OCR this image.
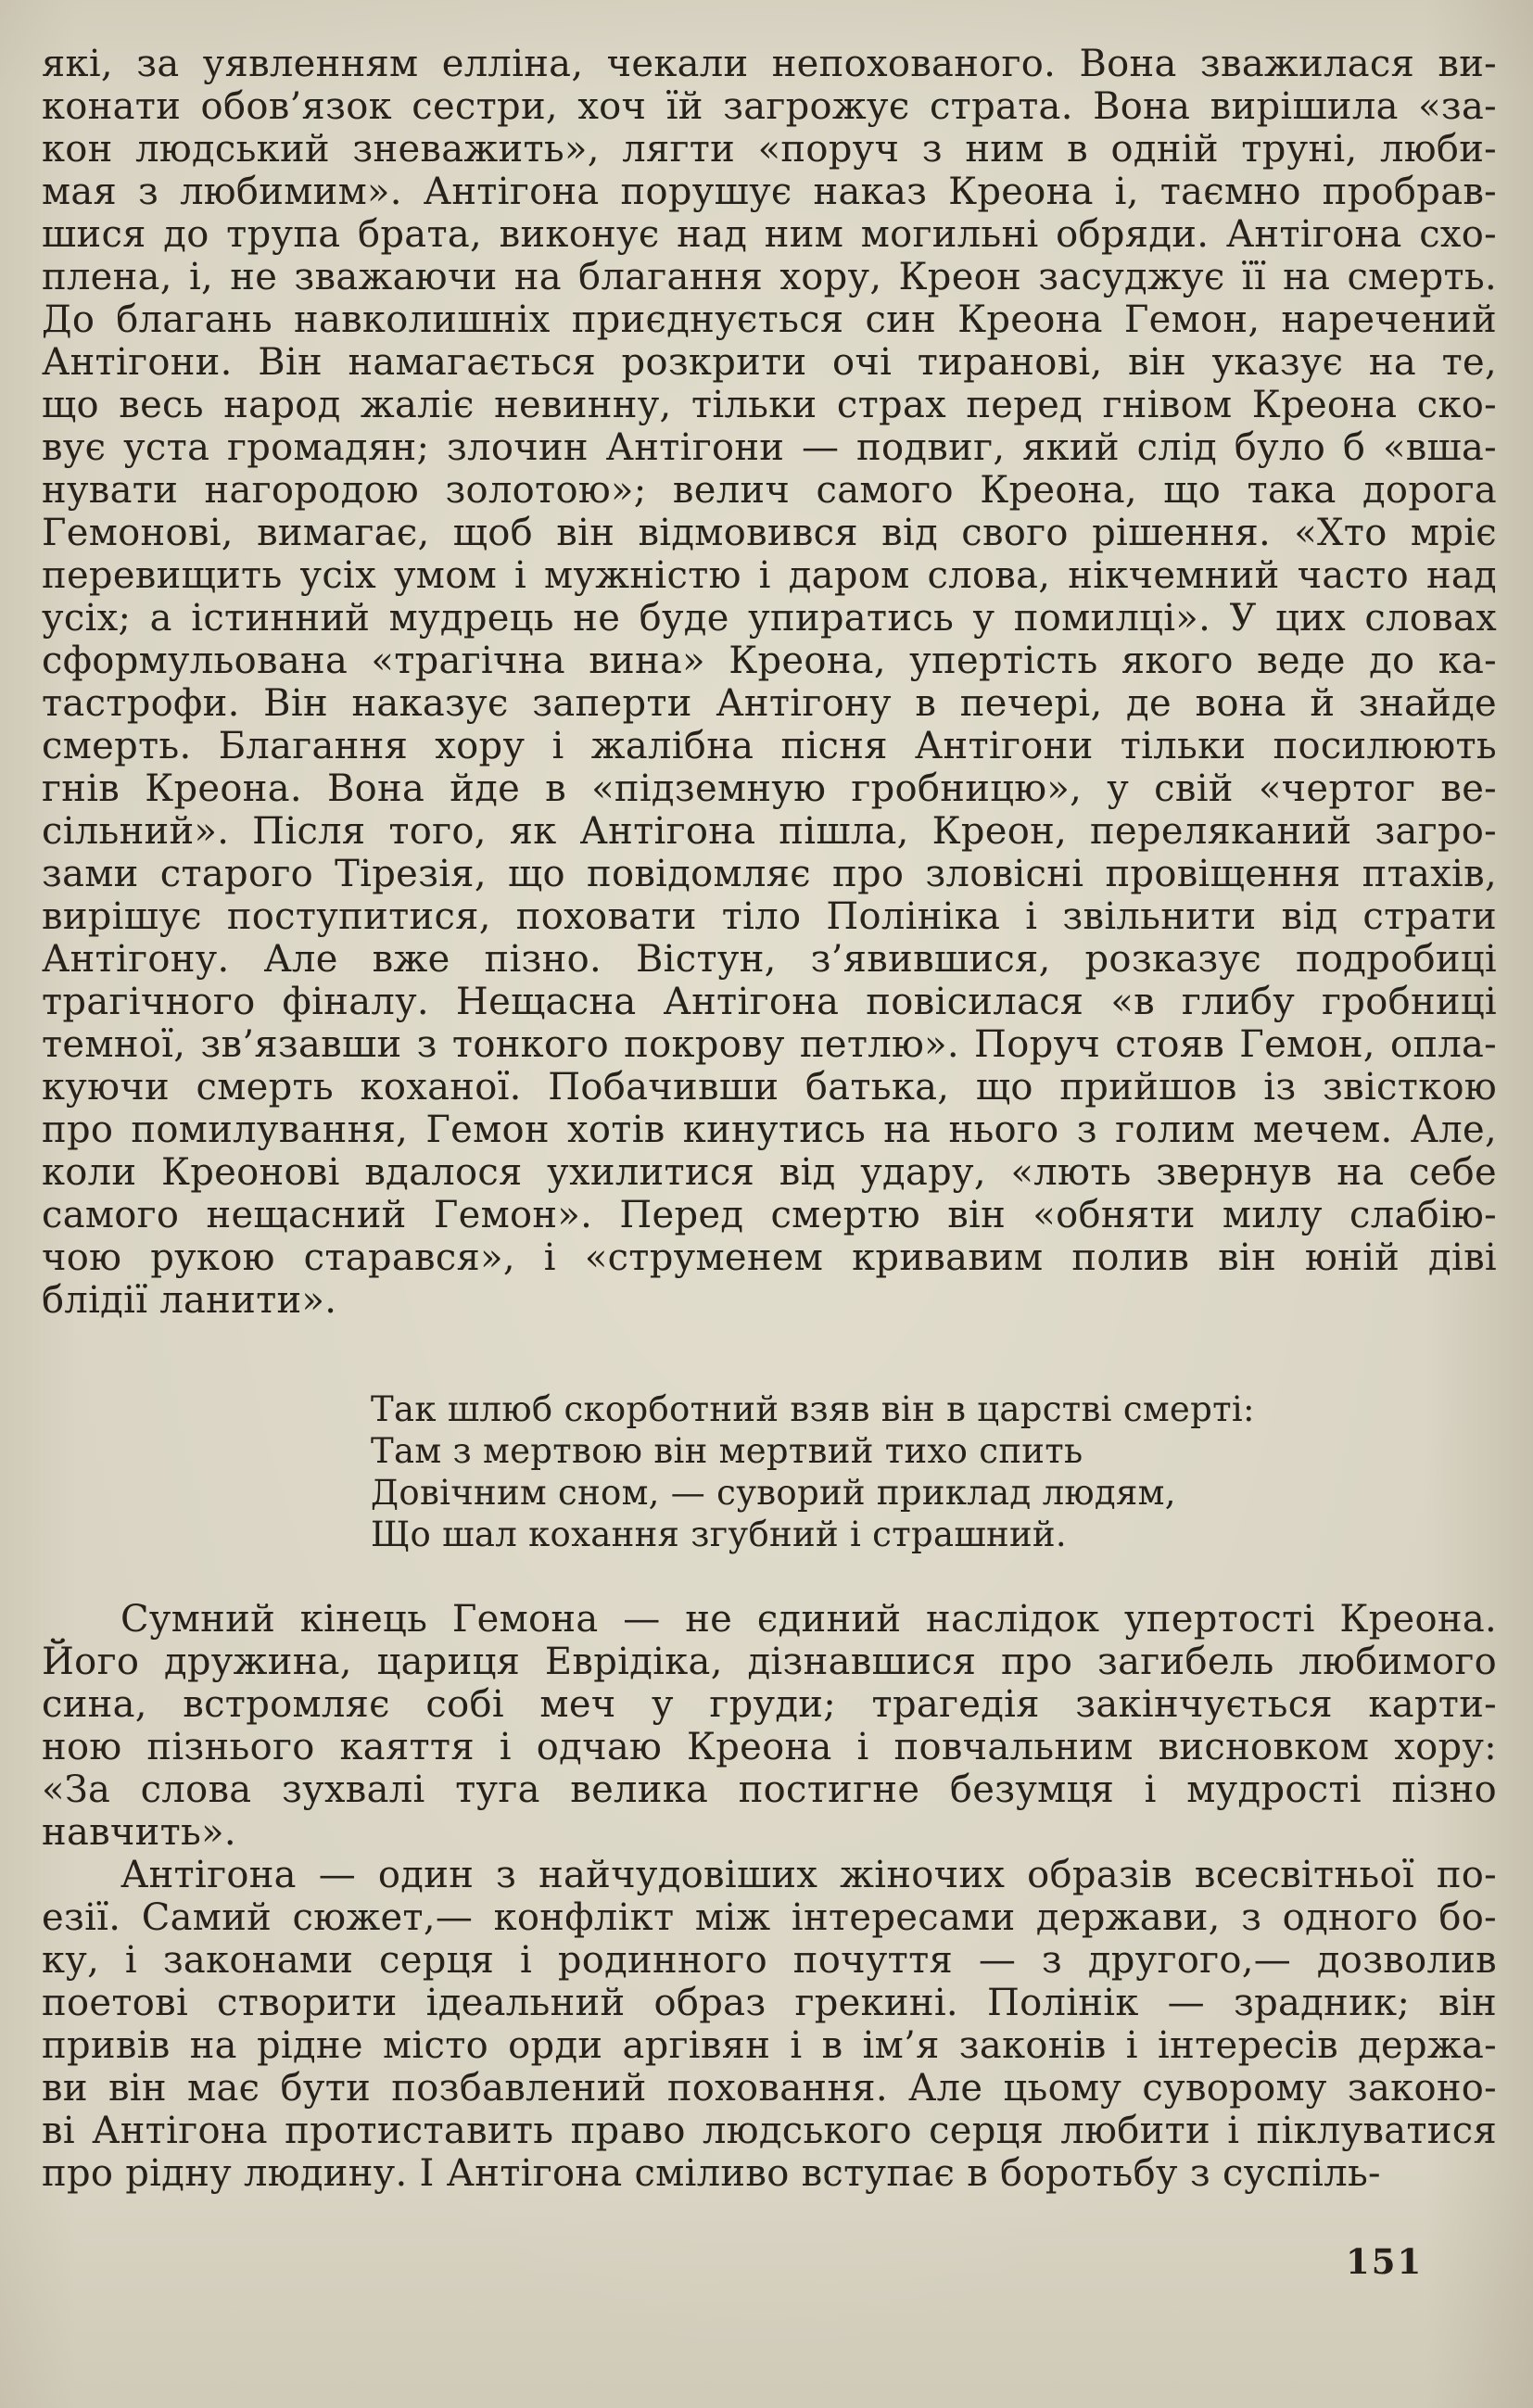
які, за уявленням елліна, чекали непохованого. Вона зважилася ви-
конати обов’язок сестри, хоч їй загрожує страта. Вона вирішила «за-
кон людський зневажить», лягти «поруч з ним в одній труні, люби-
мая з любимим». Антігона порушує наказ Креона і, таємно пробрав-
шися до трупа брата, виконує над ним могильні обряди. Антігона схо-
плена, і, не зважаючи на благання хору, Креон засуджує її на смерть.
До благань навколишніх приєднується син Креона Гемон, наречений
Антігони. Він намагається розкрити очі тиранові, він указує на те,
що весь народ жаліє невинну, тільки страх перед гнівом Креона ско-
вує уста громадян; злочин Антігони — подвиг, який слід було б «вша-
нувати нагородою золотою»; велич самого Креона, що така дорога
Гемонові, вимагає, щоб він відмовився від свого рішення. «Хто мріє
перевищить усіх умом і мужністю і даром слова, нікчемний часто над
усіх; а істинний мудрець не буде упиратись у помилці». У цих словах
сформульована «трагічна вина» Креона, упертість якого веде до ка-
тастрофи. Він наказує заперти Антігону в печері, де вона й знайде
смерть. Благання хору і жалібна пісня Антігони тільки посилюють
гнів Креона. Вона йде в «підземную гробницю», у свій «чертог ве-
сільний». Після того, як Антігона пішла, Креон, переляканий загро-
зами старого Тірезія, що повідомляє про зловісні провіщення птахів,
вирішує поступитися, поховати тіло Полініка і звільнити від страти
Антігону. Але вже пізно. Вістун, з’явившися, розказує подробиці
трагічного фіналу. Нещасна Антігона повісилася «в глибу гробниці
темної, зв’язавши з тонкого покрову петлю». Поруч стояв Гемон, опла-
куючи смерть коханої. Побачивши батька, що прийшов із звісткою
про помилування, Гемон хотів кинутись на нього з голим мечем. Але,
коли Креонові вдалося ухилитися від удару, «лють звернув на себе
самого нещасний Гемон». Перед смертю він «обняти милу слабію-
чою рукою старався», і «струменем кривавим полив він юній діві
блідії ланити».
Так шлюб скорботний взяв він в царстві смерті:
Там з мертвою він мертвий тихо спить
Довічним сном, — суворий приклад людям,
Що шал кохання згубний і страшний.
Сумний кінець Гемона — не єдиний наслідок упертості Креона.
Його дружина, цариця Еврідіка, дізнавшися про загибель любимого
сина, встромляє собі меч у груди; трагедія закінчується карти-
ною пізнього каяття і одчаю Креона і повчальним висновком хору:
«За слова зухвалі туга велика постигне безумця і мудрості пізно
навчить».
Антігона — один з найчудовіших жіночих образів всесвітньої по-
езії. Самий сюжет,— конфлікт між інтересами держави, з одного бо-
ку, і законами серця і родинного почуття — з другого,— дозволив
поетові створити ідеальний образ грекині. Полінік — зрадник; він
привів на рідне місто орди аргівян і в ім’я законів і інтересів держа-
ви він має бути позбавлений поховання. Але цьому суворому законо-
ві Антігона протиставить право людського серця любити і піклуватися
про рідну людину. І Антігона сміливо вступає в боротьбу з суспіль-
151
